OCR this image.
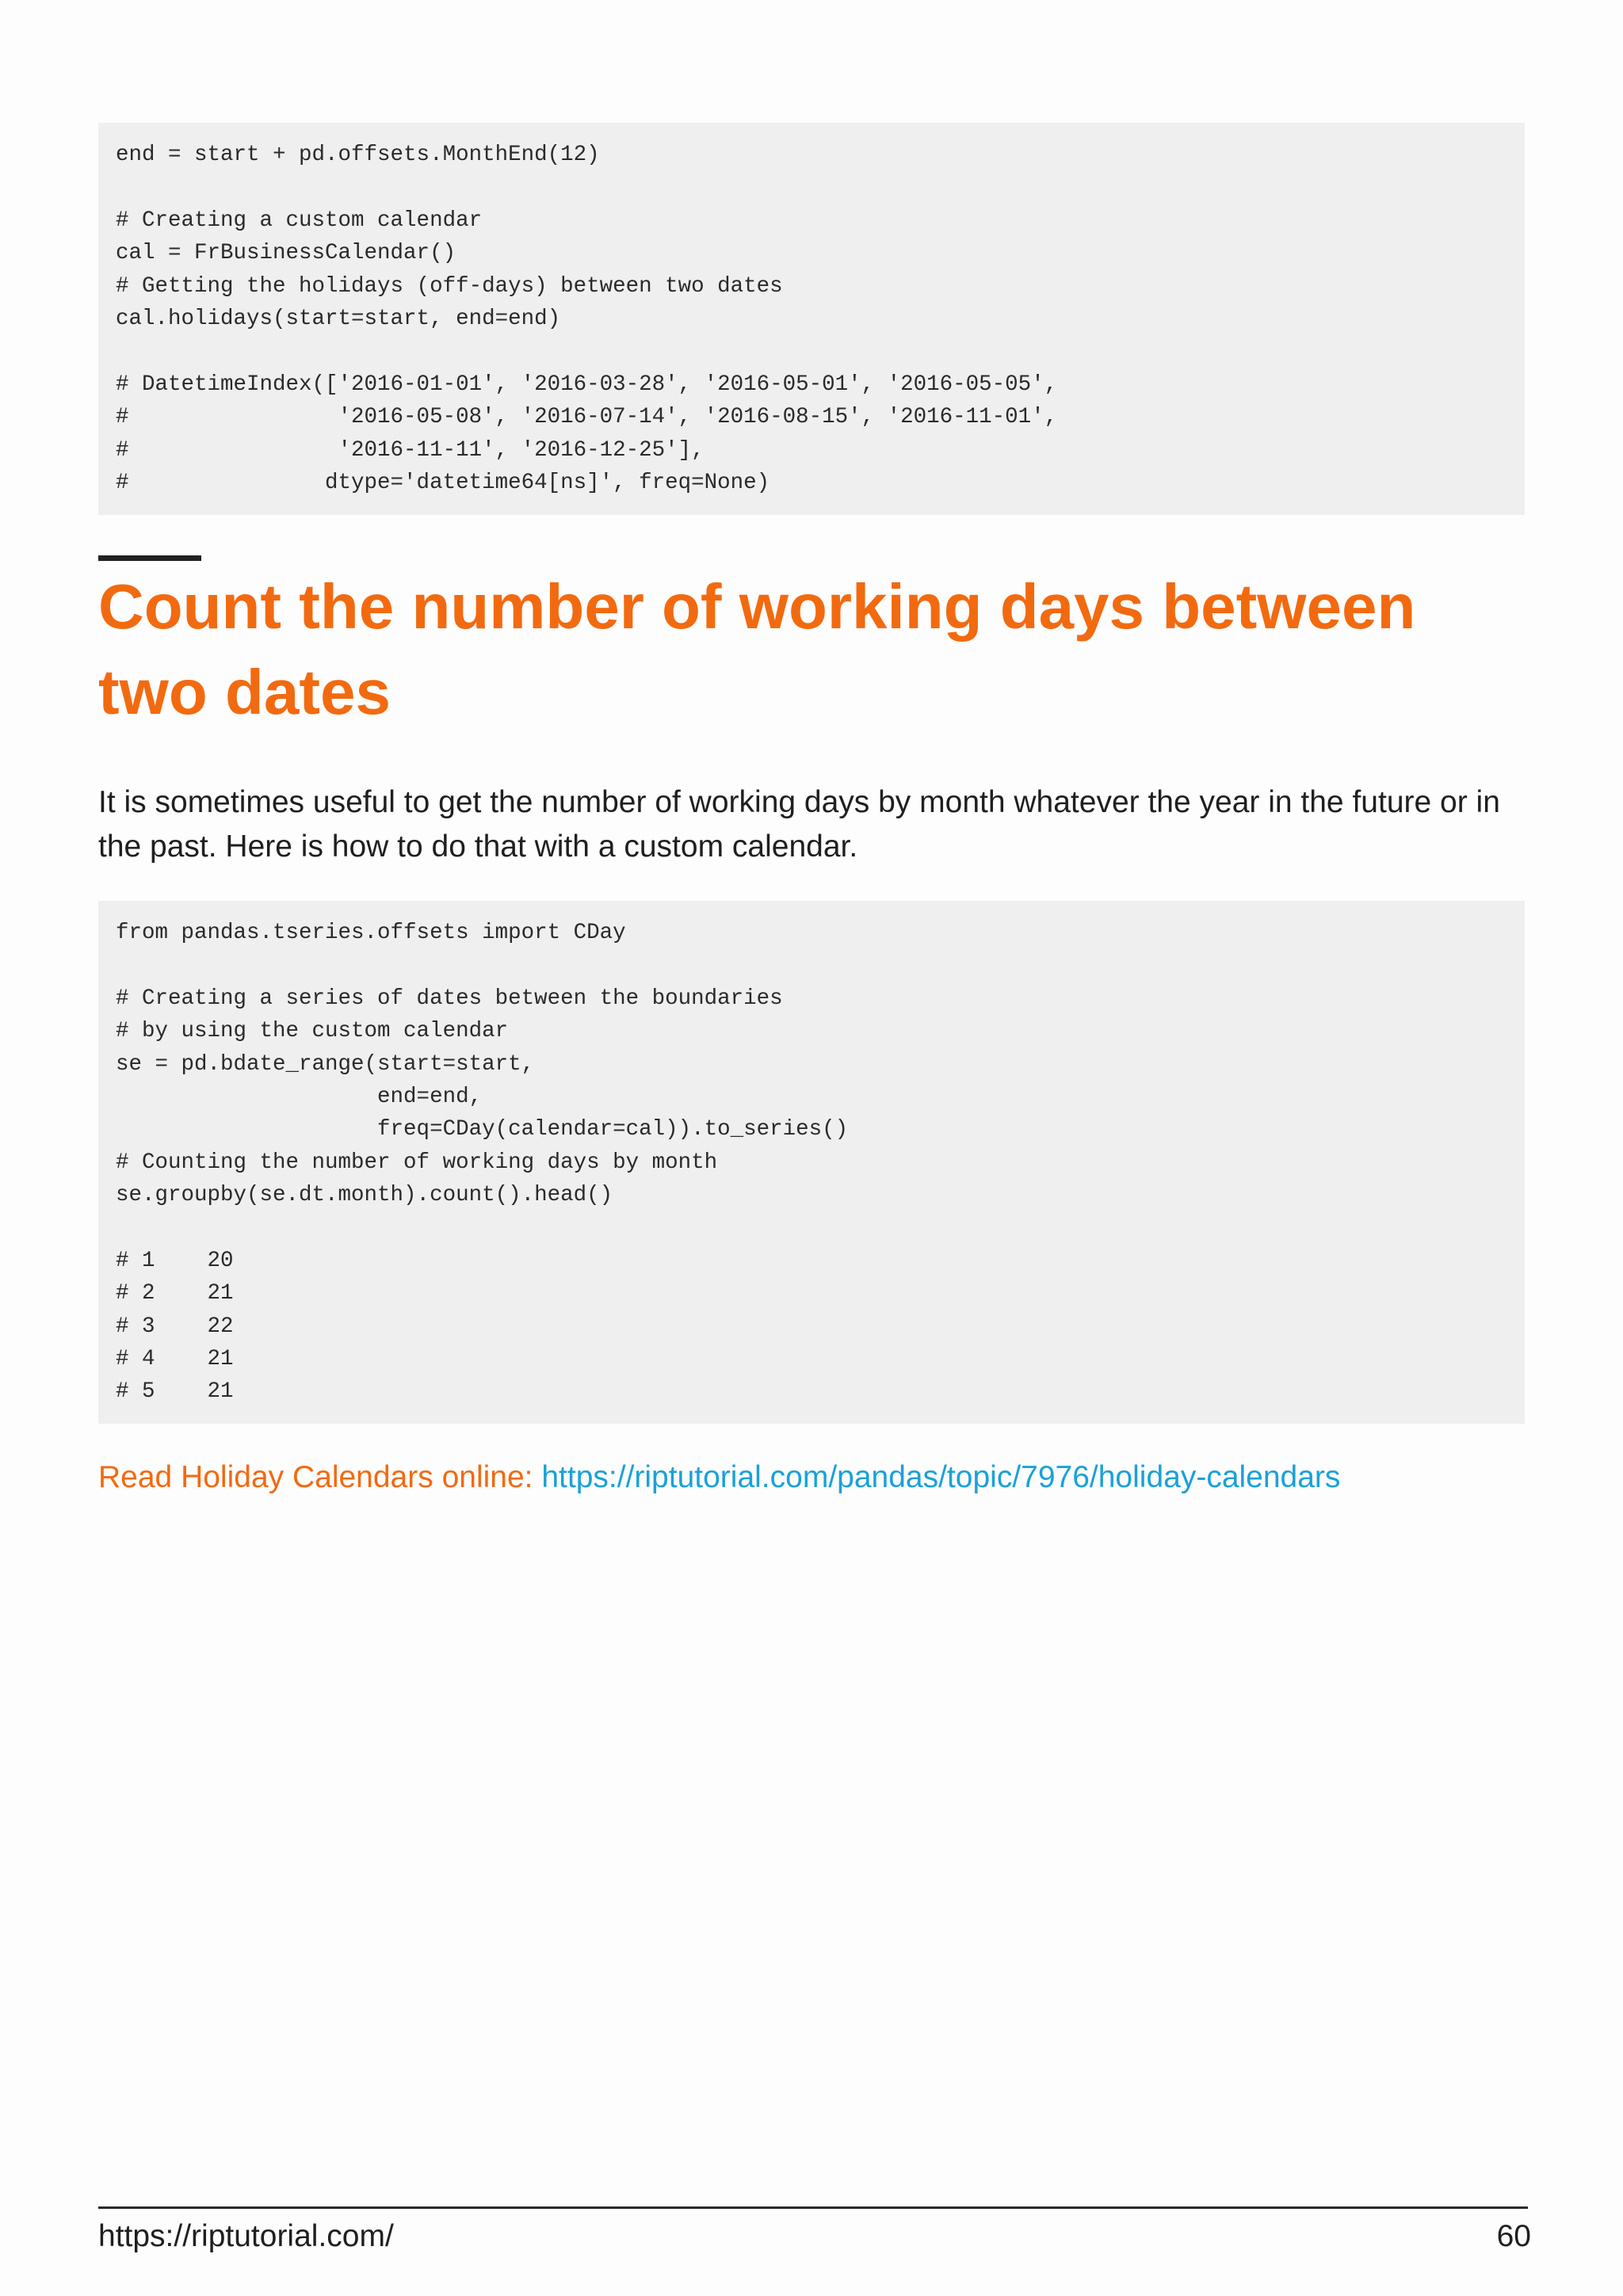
end = start + pd.offsets.MonthEnd(12)
# Creating a custom calendar
cal = FrBusinessCalendar()
# Getting the holidays (off-days) between two dates
cal.holidays(start=start, end=end)
# DatetimeIndex(['2016-01-01', '2016-03-28', '2016-05-01', '2016-05-05',
#                '2016-05-08', '2016-07-14', '2016-08-15', '2016-11-01',
#                '2016-11-11', '2016-12-25'],
#               dtype='datetime64[ns]', freq=None)
Count the number of working days between two dates

It is sometimes useful to get the number of working days by month whatever the year in the future or in the past. Here is how to do that with a custom calendar.

from pandas.tseries.offsets import CDay
# Creating a series of dates between the boundaries
# by using the custom calendar
se = pd.bdate_range(start=start,
end=end,
freq=CDay(calendar=cal)).to_series()
# Counting the number of working days by month
se.groupby(se.dt.month).count().head()
# 1    20
# 2    21
# 3    22
# 4    21
# 5    21

Read Holiday Calendars online: https://riptutorial.com/pandas/topic/7976/holiday-calendars

https://riptutorial.com/	60
